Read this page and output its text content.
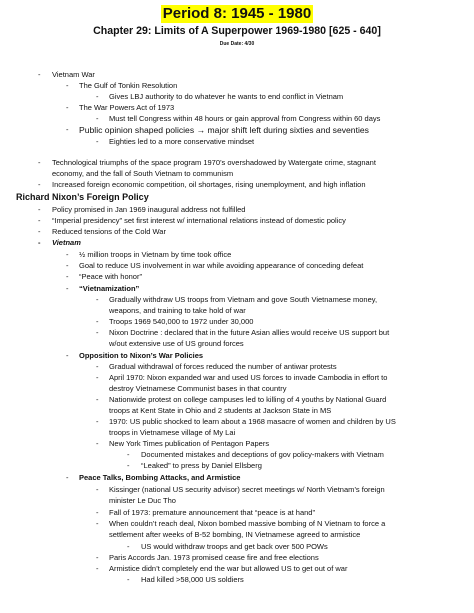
Period 8: 1945 - 1980
Chapter 29: Limits of A Superpower 1969-1980 [625 - 640]
Due Date: 4/30
Richard Nixon’s Foreign Policy
- Vietnam War
- The Gulf of Tonkin Resolution
- Gives LBJ authority to do whatever he wants to end conflict in Vietnam
- The War Powers Act of 1973
- Must tell Congress within 48 hours or gain approval from Congress within 60 days
- Public opinion shaped policies → major shift left during sixties and seventies
- Eighties led to a more conservative mindset
- Technological triumphs of the space program 1970’s overshadowed by Watergate crime, stagnant
economy, and the fall of South Vietnam to communism
- Increased foreign economic competition, oil shortages, rising unemployment, and high inflation
- Policy promised in Jan 1969 inaugural address not fulfilled
- “Imperial presidency” set first interest w/ international relations instead of domestic policy
- Reduced tensions of the Cold War
- Vietnam
- ½ million troops in Vietnam by time took office
- Goal to reduce US involvement in war while avoiding appearance of conceding defeat
- “Peace with honor”
- “Vietnamization”
- Gradually withdraw US troops from Vietnam and gove South Vietnamese money,
weapons, and training to take hold of war
- Troops 1969 540,000 to 1972 under 30,000
- Nixon Doctrine : declared that in the future Asian allies would receive US support but
w/out extensive use of US ground forces
- Opposition to Nixon’s War Policies
- Gradual withdrawal of forces reduced the number of antiwar protests
- April 1970: Nixon expanded war and used US forces to invade Cambodia in effort to
destroy Vietnamese Communist bases in that country
- Nationwide protest on college campuses led to killing of 4 youths by National Guard
troops at Kent State in Ohio and 2 students at Jackson State in MS
- 1970: US public shocked to learn about a 1968 masacre of women and children by US
troops in Vietnamese village of My Lai
- New York Times publication of Pentagon Papers
- Documented mistakes and deceptions of gov policy-makers with Vietnam
- “Leaked” to press by Daniel Ellsberg
- Peace Talks, Bombing Attacks, and Armistice
- Kissinger (national US security advisor) secret meetings w/ North Vietnam’s foreign
minister Le Duc Tho
- Fall of 1973: premature announcement that “peace is at hand”
- When couldn’t reach deal, Nixon bombed massive bombing of N Vietnam to force a
settlement after weeks of B-52 bombing, IN Vietnamese agreed to armistice
- US would withdraw troops and get back over 500 POWs
- Paris Accords Jan. 1973 promised cease fire and free elections
- Armistice didn’t completely end the war but allowed US to get out of war
- Had killed >58,000 US soldiers
